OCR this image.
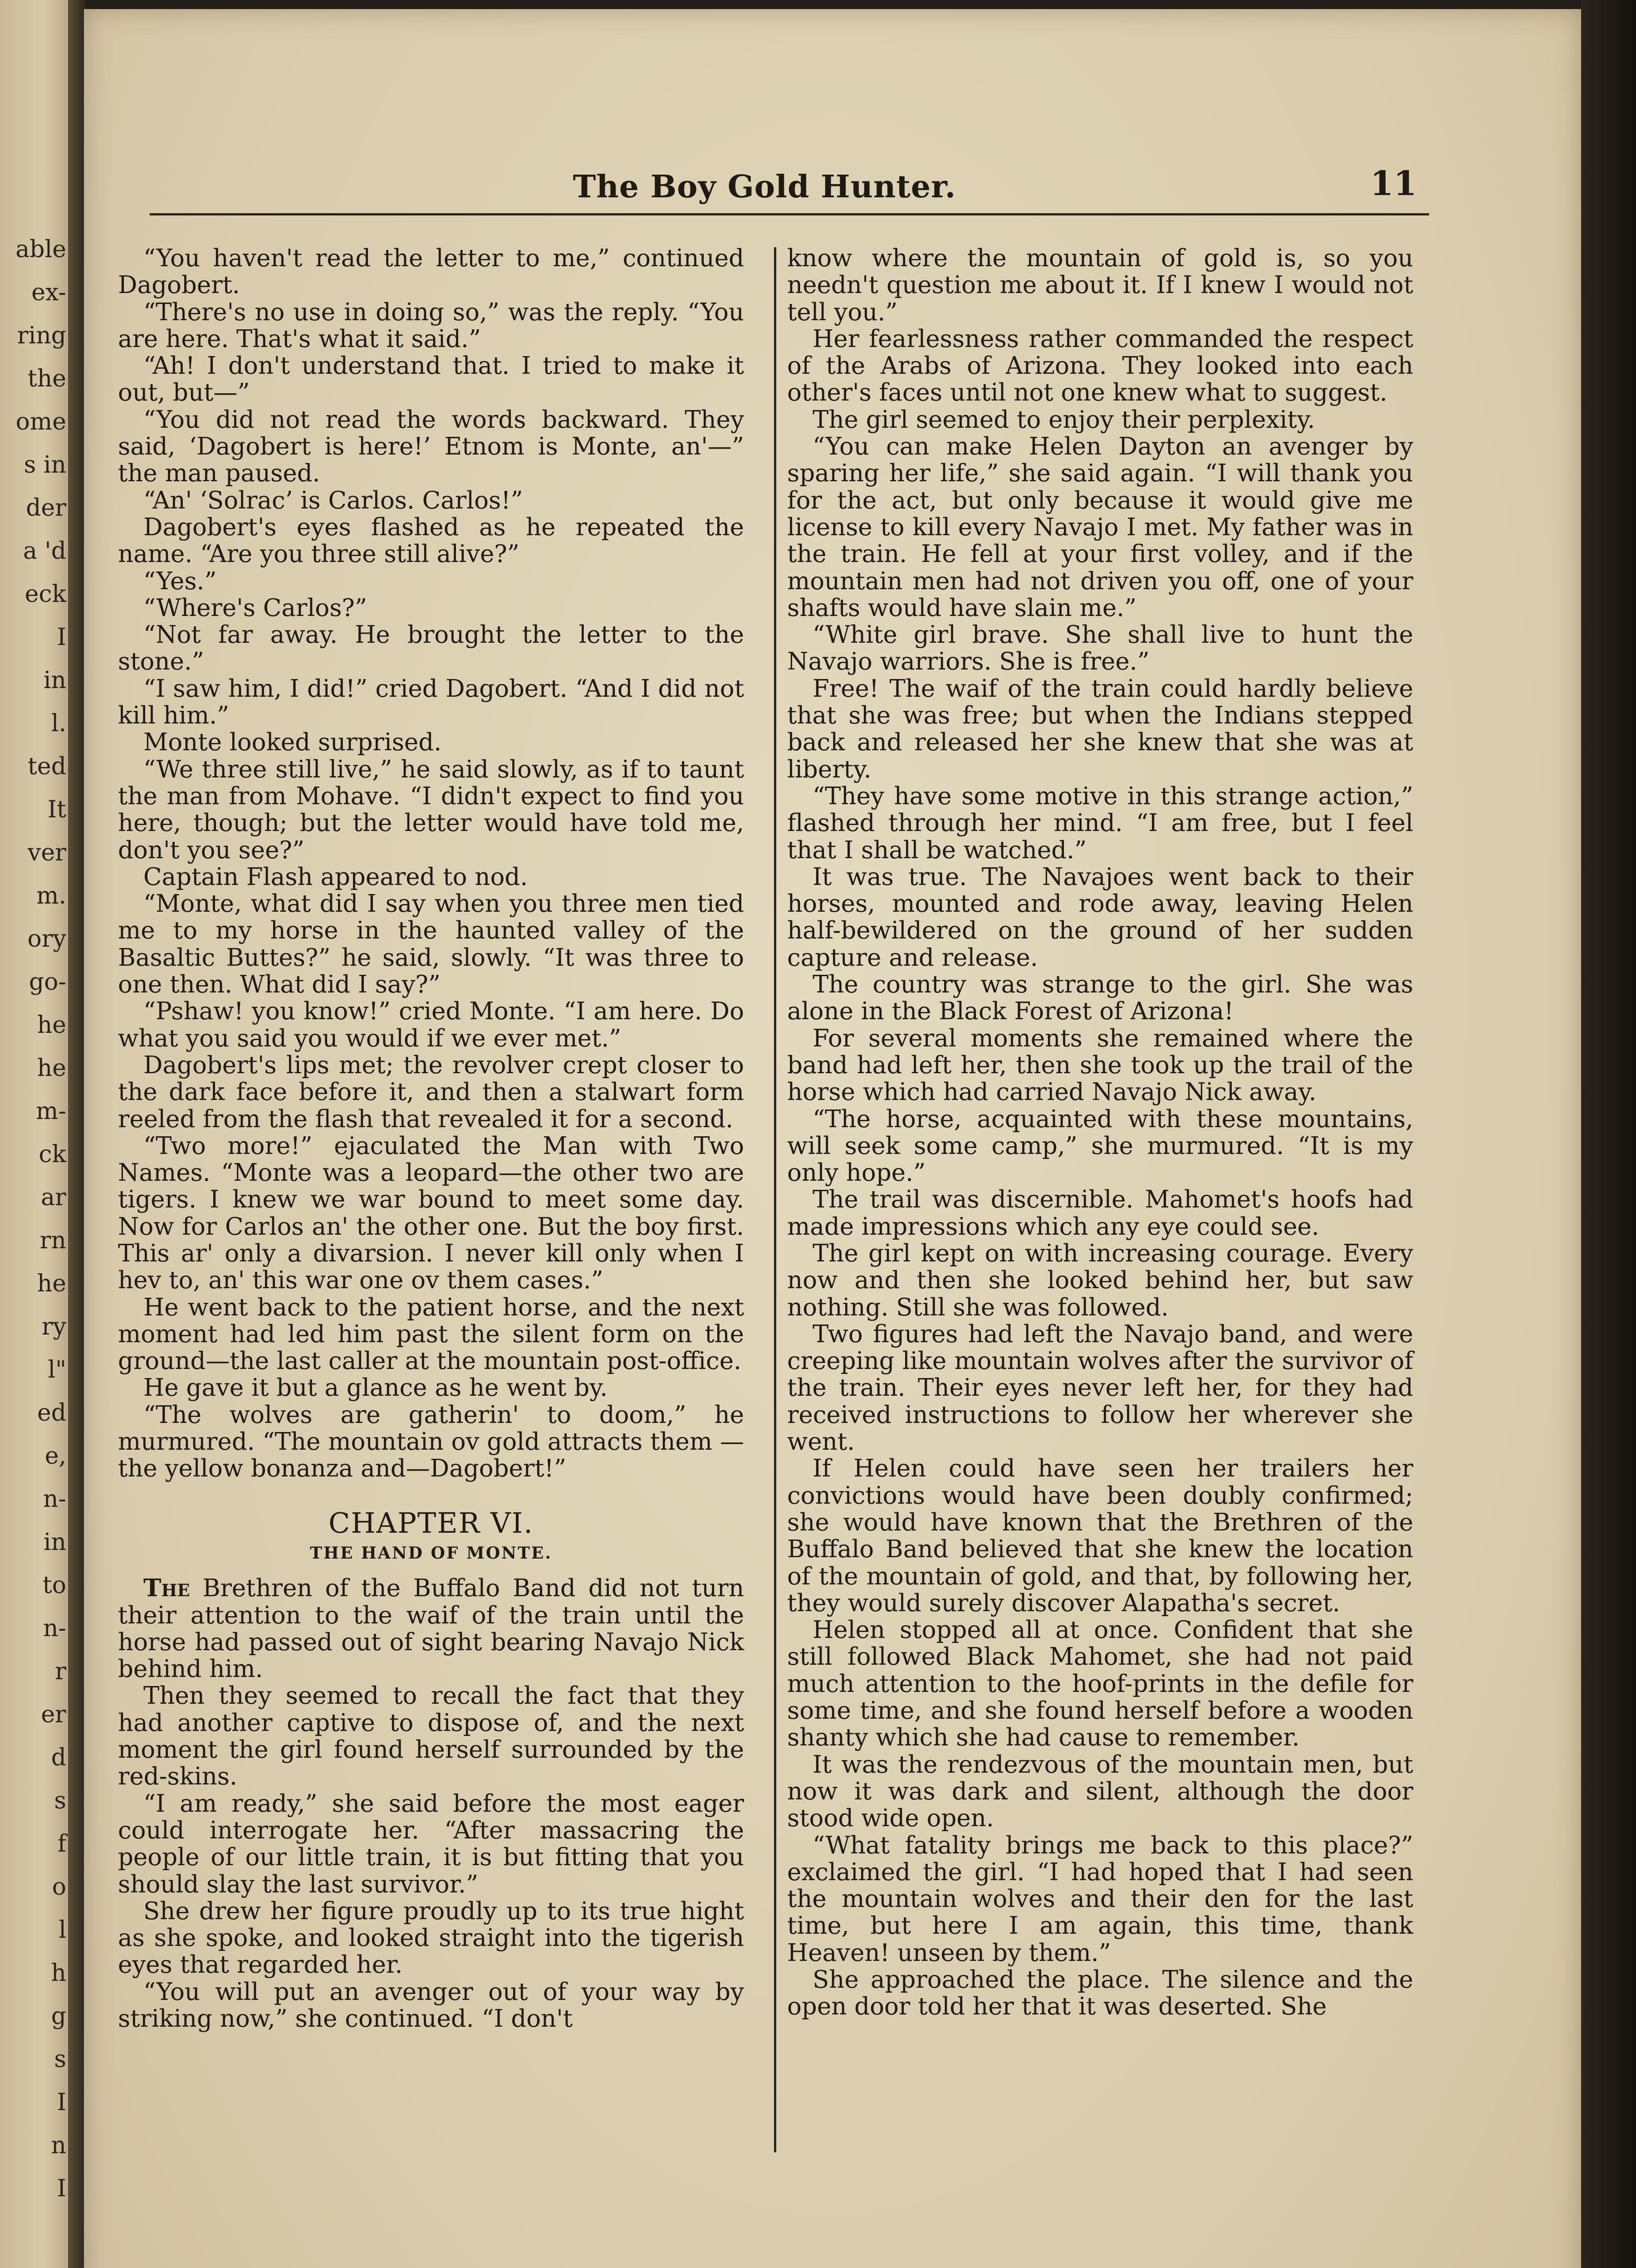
able
ex-
ring
the
ome
s in
der
a 'd
eck
I
in
l.
ted
It
ver
m.
ory
go-
he
he
m-
ck
ar
rn
he
ry
l"
ed
e,
n-
in
to
n-
r
er
d
s
f
o
l
h
g
s
I
n
I
The Boy Gold Hunter.	11

“You haven't read the letter to me,” continued Dagobert.

“There's no use in doing so,” was the reply. “You are here. That's what it said.”

“Ah! I don't understand that. I tried to make it out, but—”

“You did not read the words backward. They said, ‘Dagobert is here!’ Etnom is Monte, an'—” the man paused.

“An' ‘Solrac’ is Carlos. Carlos!”

Dagobert's eyes flashed as he repeated the name. “Are you three still alive?”

“Yes.”

“Where's Carlos?”

“Not far away. He brought the letter to the stone.”

“I saw him, I did!” cried Dagobert. “And I did not kill him.”

Monte looked surprised.

“We three still live,” he said slowly, as if to taunt the man from Mohave. “I didn't expect to find you here, though; but the letter would have told me, don't you see?”

Captain Flash appeared to nod.

“Monte, what did I say when you three men tied me to my horse in the haunted valley of the Basaltic Buttes?” he said, slowly. “It was three to one then. What did I say?”

“Pshaw! you know!” cried Monte. “I am here. Do what you said you would if we ever met.”

Dagobert's lips met; the revolver crept closer to the dark face before it, and then a stalwart form reeled from the flash that revealed it for a second.

“Two more!” ejaculated the Man with Two Names. “Monte was a leopard—the other two are tigers. I knew we war bound to meet some day. Now for Carlos an' the other one. But the boy first. This ar' only a divarsion. I never kill only when I hev to, an' this war one ov them cases.”

He went back to the patient horse, and the next moment had led him past the silent form on the ground—the last caller at the mountain post-office.

He gave it but a glance as he went by.

“The wolves are gatherin' to doom,” he murmured. “The mountain ov gold attracts them —the yellow bonanza and—Dagobert!”

CHAPTER VI.
THE HAND OF MONTE.

The Brethren of the Buffalo Band did not turn their attention to the waif of the train until the horse had passed out of sight bearing Navajo Nick behind him.

Then they seemed to recall the fact that they had another captive to dispose of, and the next moment the girl found herself surrounded by the red-skins.

“I am ready,” she said before the most eager could interrogate her. “After massacring the people of our little train, it is but fitting that you should slay the last survivor.”

She drew her figure proudly up to its true hight as she spoke, and looked straight into the tigerish eyes that regarded her.

“You will put an avenger out of your way by striking now,” she continued. “I don't

know where the mountain of gold is, so you needn't question me about it. If I knew I would not tell you.”

Her fearlessness rather commanded the respect of the Arabs of Arizona. They looked into each other's faces until not one knew what to suggest.

The girl seemed to enjoy their perplexity.

“You can make Helen Dayton an avenger by sparing her life,” she said again. “I will thank you for the act, but only because it would give me license to kill every Navajo I met. My father was in the train. He fell at your first volley, and if the mountain men had not driven you off, one of your shafts would have slain me.”

“White girl brave. She shall live to hunt the Navajo warriors. She is free.”

Free! The waif of the train could hardly believe that she was free; but when the Indians stepped back and released her she knew that she was at liberty.

“They have some motive in this strange action,” flashed through her mind. “I am free, but I feel that I shall be watched.”

It was true. The Navajoes went back to their horses, mounted and rode away, leaving Helen half-bewildered on the ground of her sudden capture and release.

The country was strange to the girl. She was alone in the Black Forest of Arizona!

For several moments she remained where the band had left her, then she took up the trail of the horse which had carried Navajo Nick away.

“The horse, acquainted with these mountains, will seek some camp,” she murmured. “It is my only hope.”

The trail was discernible. Mahomet's hoofs had made impressions which any eye could see.

The girl kept on with increasing courage. Every now and then she looked behind her, but saw nothing. Still she was followed.

Two figures had left the Navajo band, and were creeping like mountain wolves after the survivor of the train. Their eyes never left her, for they had received instructions to follow her wherever she went.

If Helen could have seen her trailers her convictions would have been doubly confirmed; she would have known that the Brethren of the Buffalo Band believed that she knew the location of the mountain of gold, and that, by following her, they would surely discover Alapatha's secret.

Helen stopped all at once. Confident that she still followed Black Mahomet, she had not paid much attention to the hoof-prints in the defile for some time, and she found herself before a wooden shanty which she had cause to remember.

It was the rendezvous of the mountain men, but now it was dark and silent, although the door stood wide open.

“What fatality brings me back to this place?” exclaimed the girl. “I had hoped that I had seen the mountain wolves and their den for the last time, but here I am again, this time, thank Heaven! unseen by them.”

She approached the place. The silence and the open door told her that it was deserted. She
